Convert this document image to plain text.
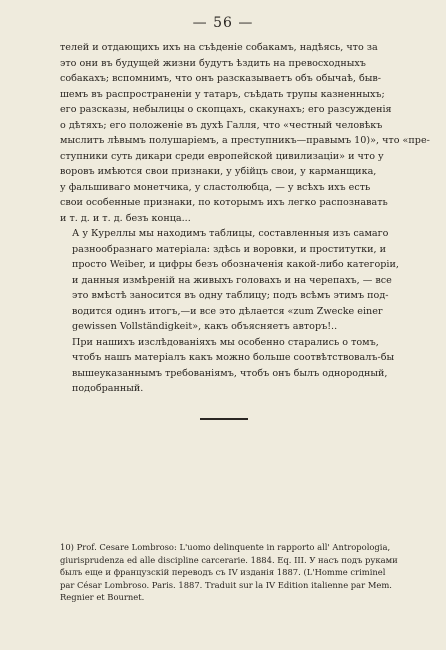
— 56 —

телей и отдающихъ ихъ на съѣденіе собакамъ, надѣясь, что за
это они въ будущей жизни будутъ ѣздить на превосходныхъ
собакахъ; вспомнимъ, что онъ разсказываетъ объ обычаѣ, быв-
шемъ въ распространеніи у татаръ, съѣдать трупы казненныхъ;
его разсказы, небылицы о скопцахъ, скакунахъ; его разсужденія
о дѣтяхъ; его положеніе въ духѣ Галля, что «честный человѣкъ
мыслитъ лѣвымъ полушаріемъ, а преступникъ—правымъ 10)», что «пре-
ступники суть дикари среди европейской цивилизаціи» и что у
воровъ имѣются свои признаки, у убійцъ свои, у карманщика,
у фальшиваго монетчика, у сластолюбца, — у всѣхъ ихъ есть
свои особенные признаки, по которымъ ихъ легко распознавать
и т. д. и т. д. безъ конца...

А у Куреллы мы находимъ таблицы, составленныя изъ самаго
разнообразнаго матеріала: здѣсь и воровки, и проститутки, и
просто Weiber, и цифры безъ обозначенія какой-либо категоріи,
и данныя измѣреній на живыхъ головахъ и на черепахъ, — все
это вмѣстѣ заносится въ одну таблицу; подъ всѣмъ этимъ под-
водится одинъ итогъ,—и все это дѣлается «zum Zwecke einer
gewissen Vollständigkeit», какъ объясняетъ авторъ!..

При нашихъ изслѣдованіяхъ мы особенно старались о томъ,
чтобъ нашъ матеріалъ какъ можно больше соотвѣтствовалъ-бы
вышеуказаннымъ требованіямъ, чтобъ онъ былъ однородный,
подобранный.

10) Prof. Cesare Lombroso: L'uomo delinquente in rapporto all' Antropologia,
giurisprudenza ed alle discipline carcerarie. 1884. Eq. III. У насъ подъ руками
былъ еще и французскій переводъ съ IV изданія 1887. (L'Homme criminel
par César Lombroso. Paris. 1887. Traduit sur la IV Edition italienne par Mem.
Regnier et Bournet.
